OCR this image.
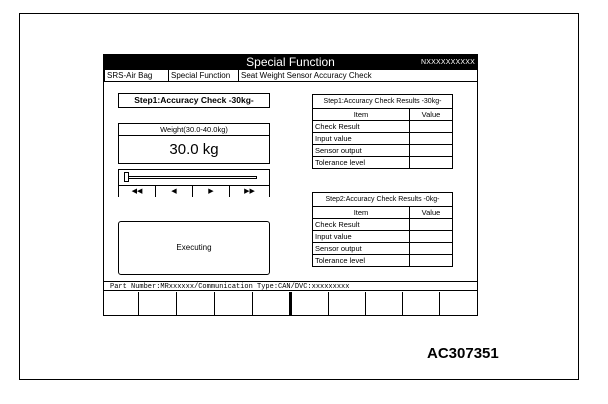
Special Function	NXXXXXXXXXX
SRS-Air Bag	Special Function	Seat Weight Sensor Accuracy Check
Step1:Accuracy Check -30kg-
Weight(30.0-40.0kg)
30.0 kg
◀◀	◀	▶	▶▶
Executing
Step1:Accuracy Check Results -30kg-
Item	Value
Check Result	
Input value	
Sensor output	
Tolerance level	
Step2:Accuracy Check Results -0kg-
Item	Value
Check Result	
Input value	
Sensor output	
Tolerance level	
Part Number:MRxxxxxx/Communication Type:CAN/DVC:xxxxxxxxx
AC307351
